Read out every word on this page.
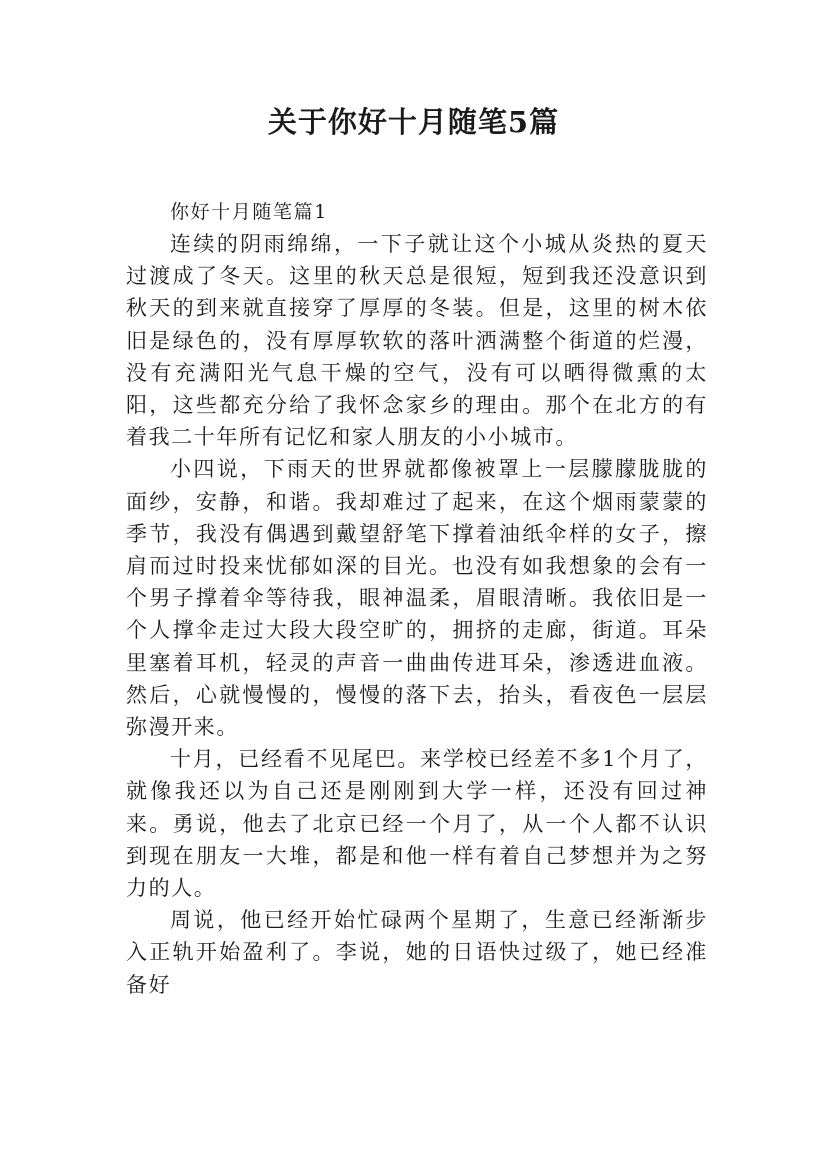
关于你好十月随笔5篇
你好十月随笔篇1

连续的阴雨绵绵，一下子就让这个小城从炎热的夏天过渡成了冬天。这里的秋天总是很短，短到我还没意识到秋天的到来就直接穿了厚厚的冬装。但是，这里的树木依旧是绿色的，没有厚厚软软的落叶洒满整个街道的烂漫，没有充满阳光气息干燥的空气，没有可以晒得微熏的太阳，这些都充分给了我怀念家乡的理由。那个在北方的有着我二十年所有记忆和家人朋友的小小城市。

小四说，下雨天的世界就都像被罩上一层朦朦胧胧的面纱，安静，和谐。我却难过了起来，在这个烟雨蒙蒙的季节，我没有偶遇到戴望舒笔下撑着油纸伞样的女子，擦肩而过时投来忧郁如深的目光。也没有如我想象的会有一个男子撑着伞等待我，眼神温柔，眉眼清晰。我依旧是一个人撑伞走过大段大段空旷的，拥挤的走廊，街道。耳朵里塞着耳机，轻灵的声音一曲曲传进耳朵，渗透进血液。然后，心就慢慢的，慢慢的落下去，抬头，看夜色一层层弥漫开来。

十月，已经看不见尾巴。来学校已经差不多1个月了，就像我还以为自己还是刚刚到大学一样，还没有回过神来。勇说，他去了北京已经一个月了，从一个人都不认识到现在朋友一大堆，都是和他一样有着自己梦想并为之努力的人。

周说，他已经开始忙碌两个星期了，生意已经渐渐步入正轨开始盈利了。李说，她的日语快过级了，她已经准备好
